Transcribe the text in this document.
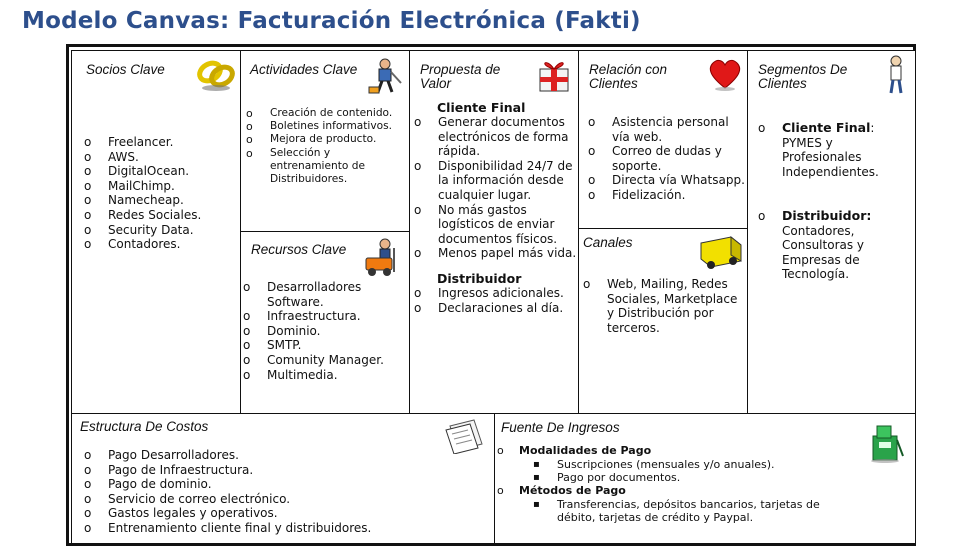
Modelo Canvas: Facturación Electrónica (Fakti)
Socios Clave
o Freelancer.
o AWS.
o DigitalOcean.
o MailChimp.
o Namecheap.
o Redes Sociales.
o Security Data.
o Contadores.
Actividades Clave
o Creación de contenido.
o Boletines informativos.
o Mejora de producto.
o Selección y entrenamiento de Distribuidores.
Recursos Clave
o Desarrolladores Software.
o Infraestructura.
o Dominio.
o SMTP.
o Comunity Manager.
o Multimedia.
Propuesta de Valor
Cliente Final
o Generar documentos electrónicos de forma rápida.
o Disponibilidad 24/7 de la información desde cualquier lugar.
o No más gastos logísticos de enviar documentos físicos.
o Menos papel más vida.
Distribuidor
o Ingresos adicionales.
o Declaraciones al día.
Relación con Clientes
o Asistencia personal vía web.
o Correo de dudas y soporte.
o Directa vía Whatsapp.
o Fidelización.
Canales
o Web, Mailing, Redes Sociales, Marketplace y Distribución por terceros.
Segmentos De Clientes
o	Cliente Final: PYMES y Profesionales Independientes.
o Distribuidor:
Contadores, Consultoras y Empresas de Tecnología.
Estructura De Costos
o Pago Desarrolladores.
o Pago de Infraestructura.
o Pago de dominio.
o Servicio de correo electrónico.
o Gastos legales y operativos.
o Entrenamiento cliente final y distribuidores.
Fuente De Ingresos
o Modalidades de Pago
▪ Suscripciones (mensuales y/o anuales).
▪ Pago por documentos.
o Métodos de Pago
▪ Transferencias, depósitos bancarios, tarjetas de débito, tarjetas de crédito y Paypal.
